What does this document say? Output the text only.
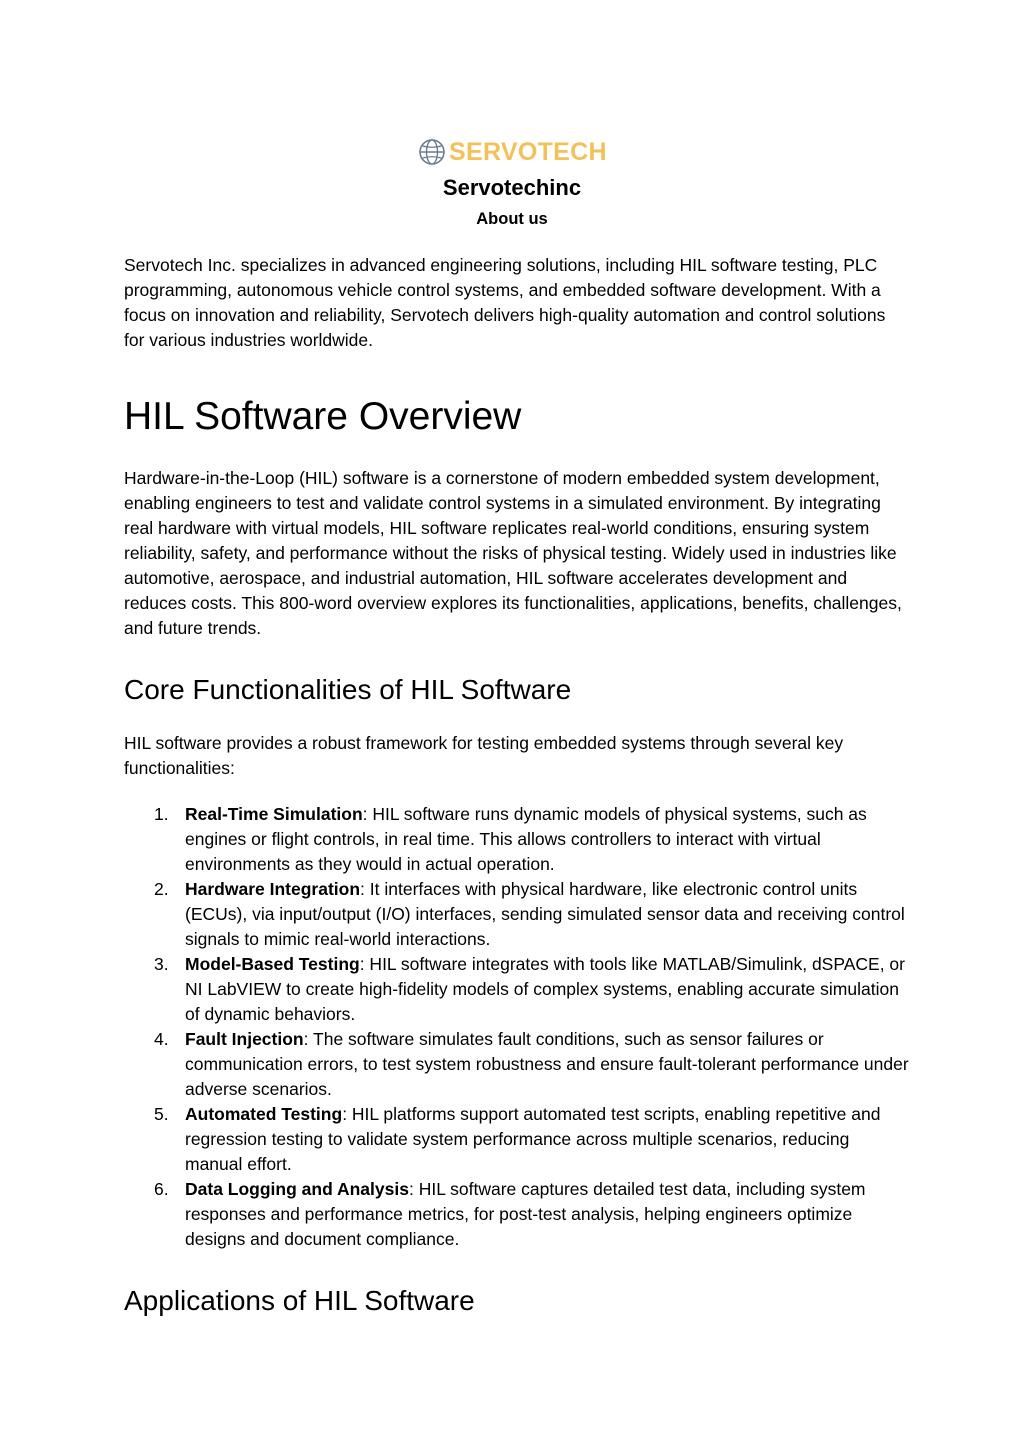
SERVOTECH
Servotechinc
About us

Servotech Inc. specializes in advanced engineering solutions, including HIL software testing, PLC programming, autonomous vehicle control systems, and embedded software development. With a focus on innovation and reliability, Servotech delivers high-quality automation and control solutions for various industries worldwide.

HIL Software Overview

Hardware-in-the-Loop (HIL) software is a cornerstone of modern embedded system development, enabling engineers to test and validate control systems in a simulated environment. By integrating real hardware with virtual models, HIL software replicates real-world conditions, ensuring system reliability, safety, and performance without the risks of physical testing. Widely used in industries like automotive, aerospace, and industrial automation, HIL software accelerates development and reduces costs. This 800-word overview explores its functionalities, applications, benefits, challenges, and future trends.

Core Functionalities of HIL Software

HIL software provides a robust framework for testing embedded systems through several key functionalities:

1. Real-Time Simulation: HIL software runs dynamic models of physical systems, such as engines or flight controls, in real time. This allows controllers to interact with virtual environments as they would in actual operation.
2. Hardware Integration: It interfaces with physical hardware, like electronic control units (ECUs), via input/output (I/O) interfaces, sending simulated sensor data and receiving control signals to mimic real-world interactions.
3. Model-Based Testing: HIL software integrates with tools like MATLAB/Simulink, dSPACE, or NI LabVIEW to create high-fidelity models of complex systems, enabling accurate simulation of dynamic behaviors.
4. Fault Injection: The software simulates fault conditions, such as sensor failures or communication errors, to test system robustness and ensure fault-tolerant performance under adverse scenarios.
5. Automated Testing: HIL platforms support automated test scripts, enabling repetitive and regression testing to validate system performance across multiple scenarios, reducing manual effort.
6. Data Logging and Analysis: HIL software captures detailed test data, including system responses and performance metrics, for post-test analysis, helping engineers optimize designs and document compliance.
Applications of HIL Software
